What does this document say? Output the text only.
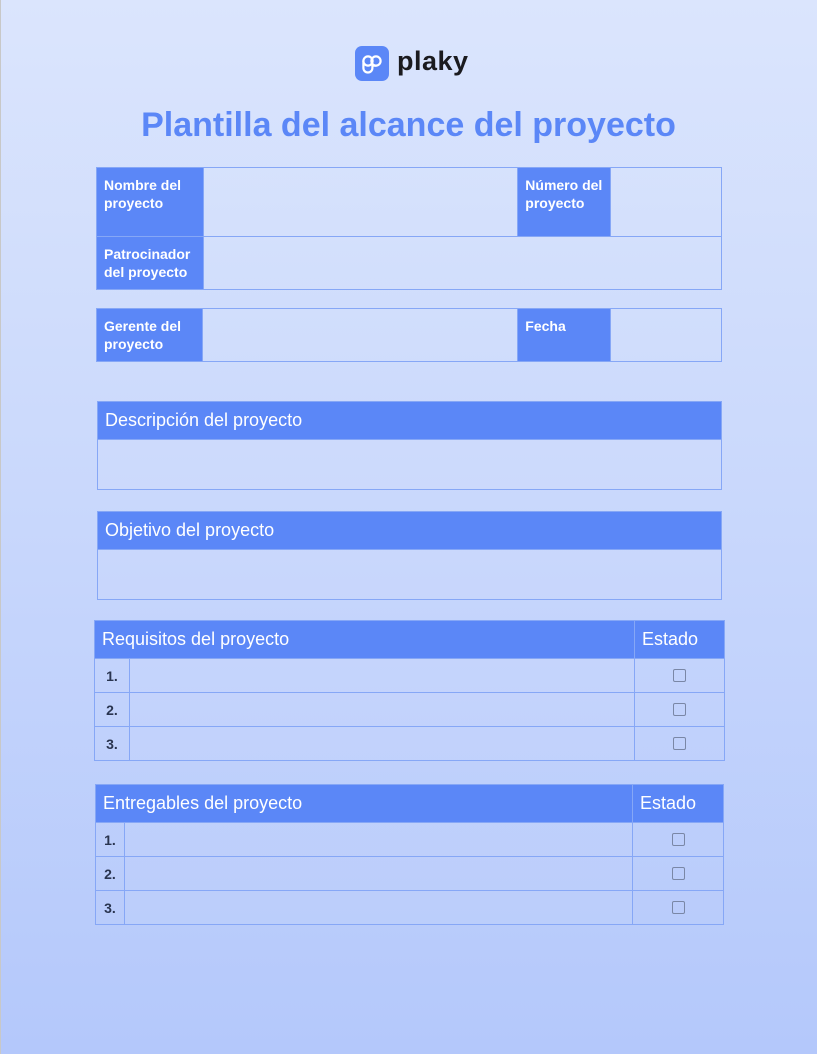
plaky
Plantilla del alcance del proyecto
Nombre del proyecto		Número del proyecto	
Patrocinador del proyecto			
Gerente del proyecto		Fecha	
Descripción del proyecto

Objetivo del proyecto

Requisitos del proyecto		Estado
1.		
2.		
3.		
Entregables del proyecto		Estado
1.		
2.		
3.		
